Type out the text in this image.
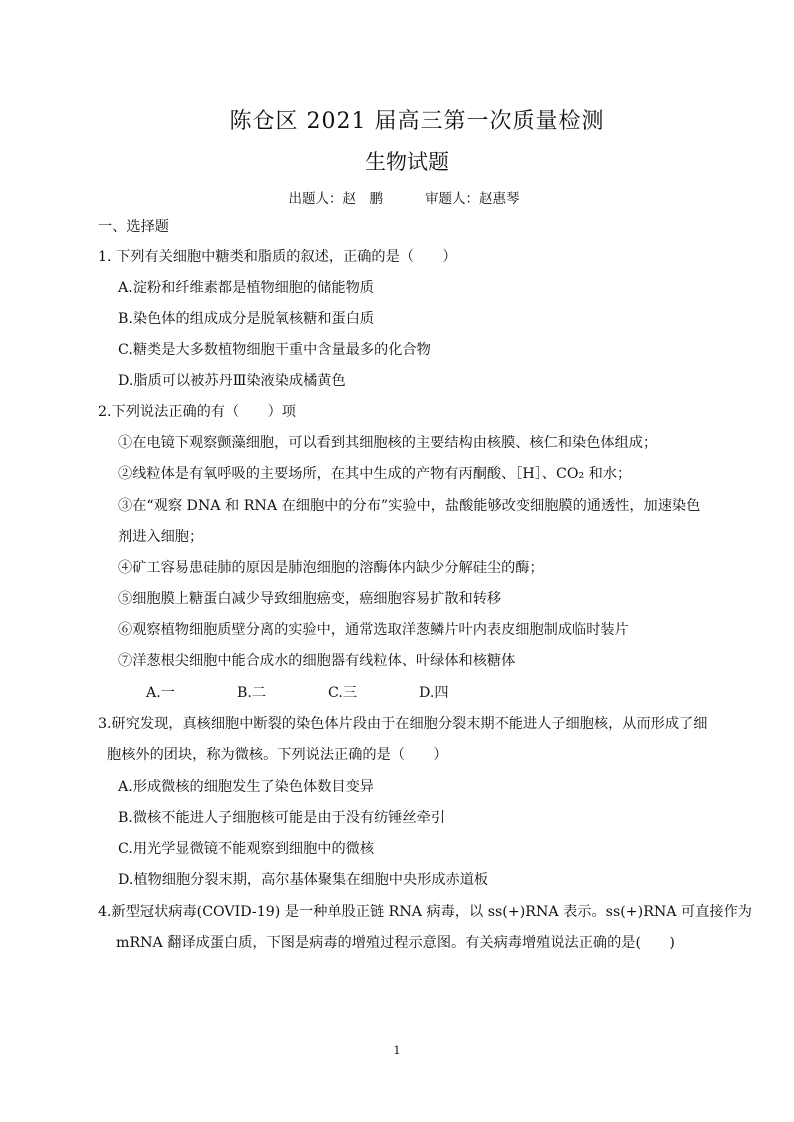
陈仓区 2021 届高三第一次质量检测
生物试题
出题人：赵　鹏	审题人：赵惠琴
一、选择题
1. 下列有关细胞中糖类和脂质的叙述，正确的是（　　）
A.淀粉和纤维素都是植物细胞的储能物质
B.染色体的组成成分是脱氧核糖和蛋白质
C.糖类是大多数植物细胞干重中含量最多的化合物
D.脂质可以被苏丹Ⅲ染液染成橘黄色
2.下列说法正确的有（　　）项
①在电镜下观察颤藻细胞，可以看到其细胞核的主要结构由核膜、核仁和染色体组成；
②线粒体是有氧呼吸的主要场所，在其中生成的产物有丙酮酸、［H］、CO₂ 和水；
③在“观察 DNA 和 RNA 在细胞中的分布”实验中，盐酸能够改变细胞膜的通透性，加速染色
剂进入细胞；
④矿工容易患硅肺的原因是肺泡细胞的溶酶体内缺少分解硅尘的酶；
⑤细胞膜上糖蛋白减少导致细胞癌变，癌细胞容易扩散和转移
⑥观察植物细胞质壁分离的实验中，通常选取洋葱鳞片叶内表皮细胞制成临时装片
⑦洋葱根尖细胞中能合成水的细胞器有线粒体、叶绿体和核糖体
A.一	B.二	C.三	D.四
3.研究发现，真核细胞中断裂的染色体片段由于在细胞分裂末期不能进人子细胞核，从而形成了细
胞核外的团块，称为微核。下列说法正确的是（　　）
A.形成微核的细胞发生了染色体数目变异
B.微核不能进人子细胞核可能是由于没有纺锤丝牵引
C.用光学显微镜不能观察到细胞中的微核
D.植物细胞分裂末期，高尔基体聚集在细胞中央形成赤道板
4.新型冠状病毒(COVID-19) 是一种单股正链 RNA 病毒，以 ss(+)RNA 表示。ss(+)RNA 可直接作为
mRNA 翻译成蛋白质，下图是病毒的增殖过程示意图。有关病毒增殖说法正确的是(　　)
1
